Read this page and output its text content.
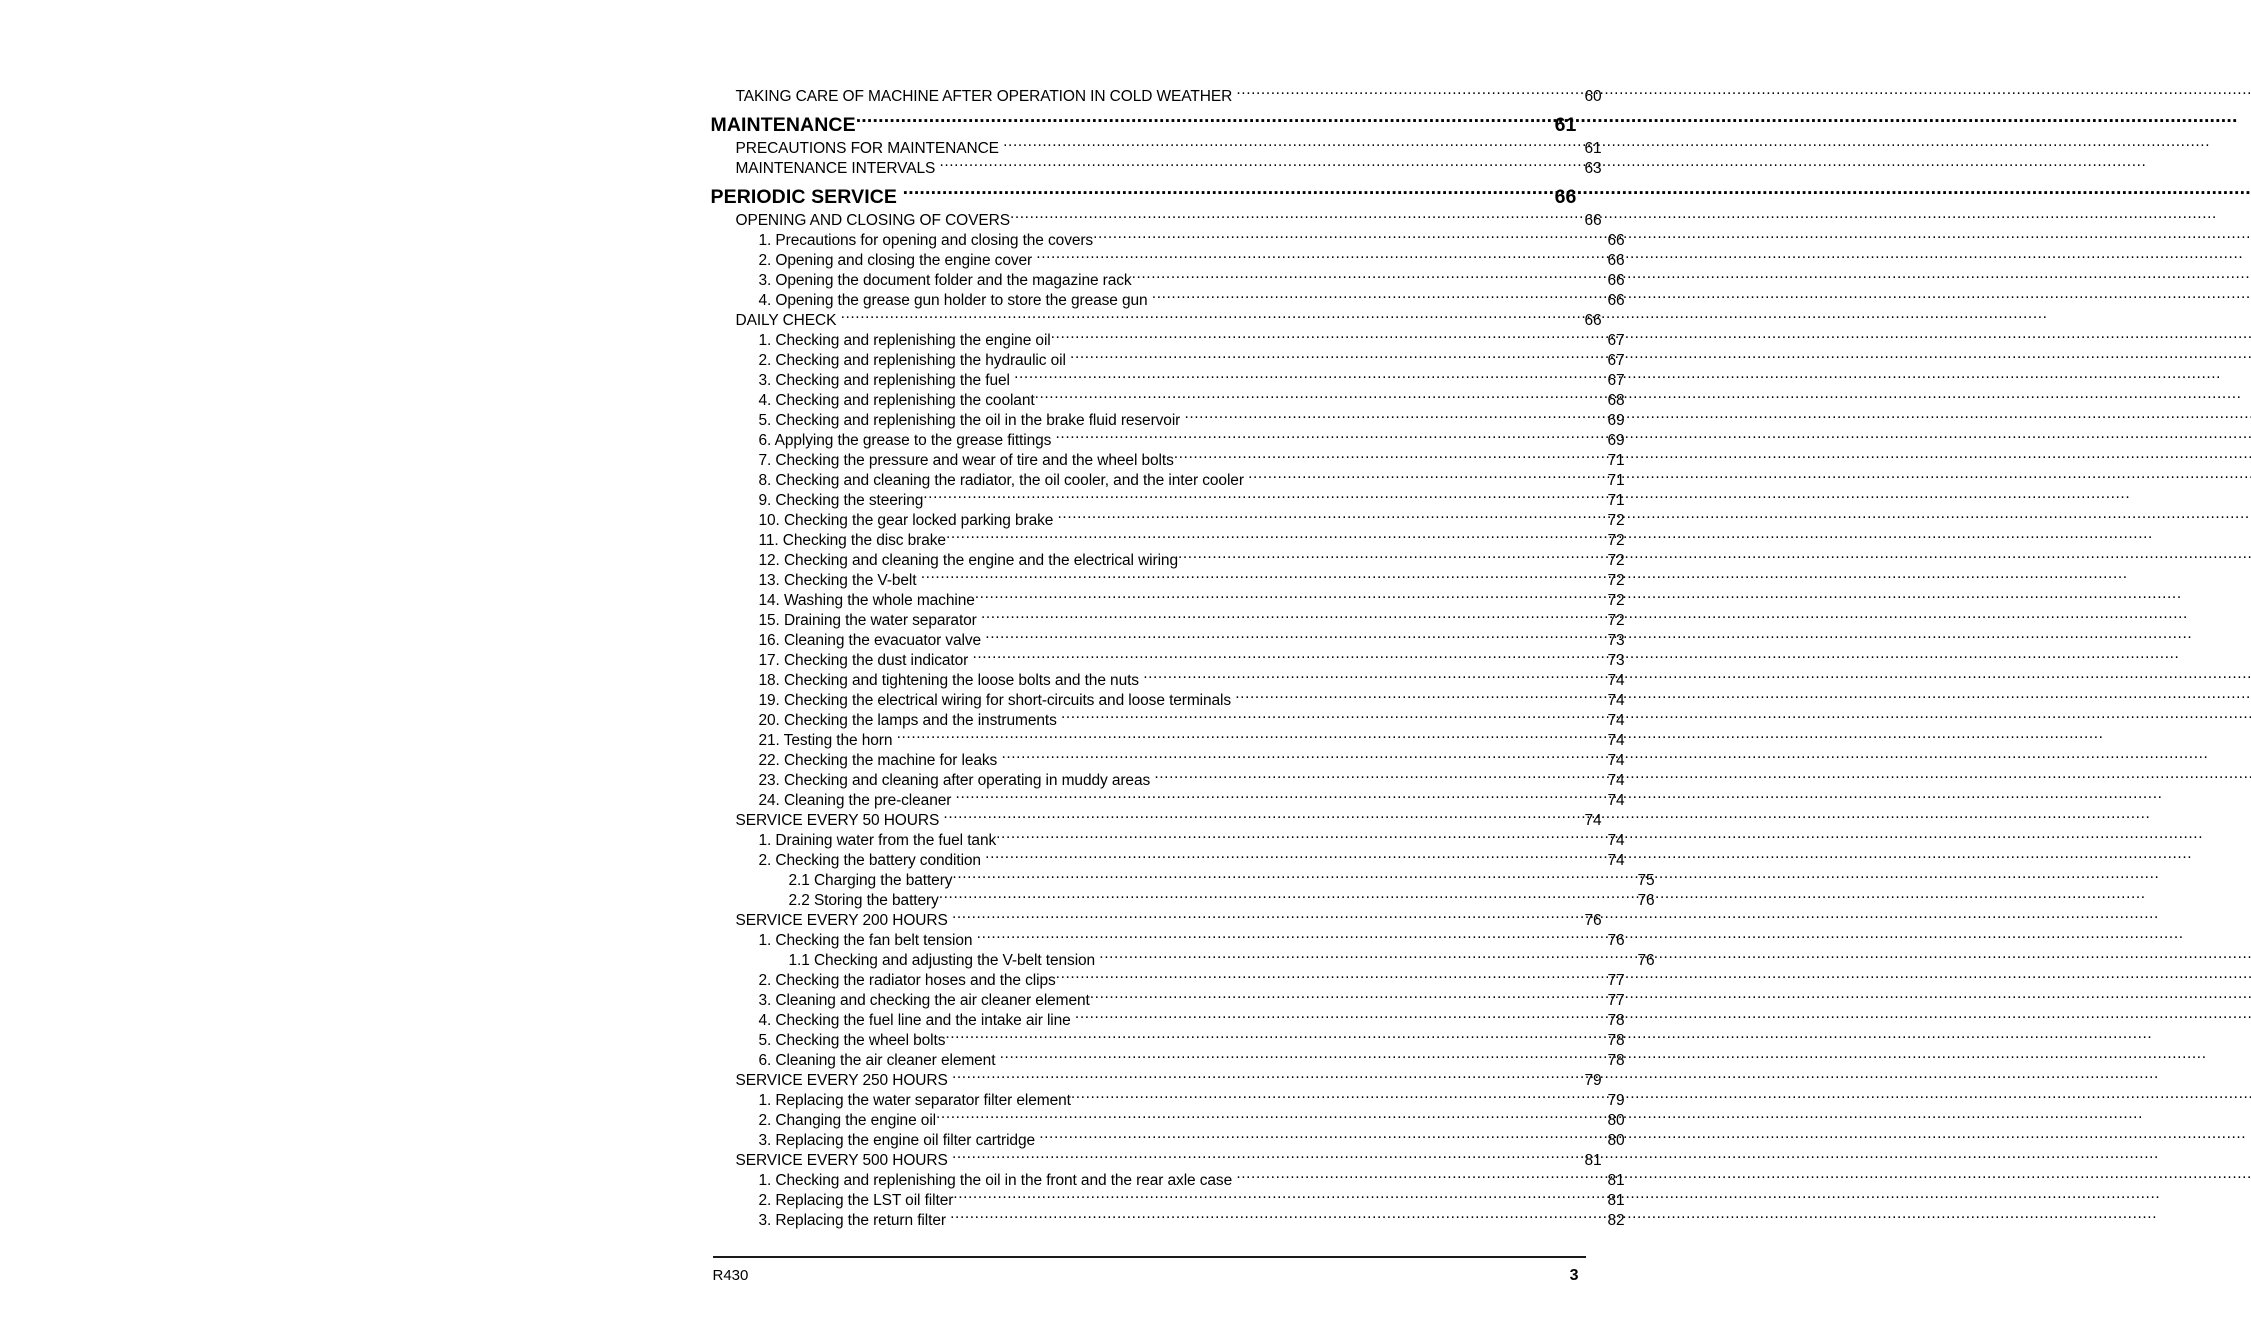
TAKING CARE OF MACHINE AFTER OPERATION IN COLD WEATHER .....	60
MAINTENANCE .....	61
PRECAUTIONS FOR MAINTENANCE .....	61
MAINTENANCE INTERVALS .....	63
PERIODIC SERVICE .....	66
OPENING AND CLOSING OF COVERS .....	66
1. Precautions for opening and closing the covers .....	66
2. Opening and closing the engine cover .....	66
3. Opening the document folder and the magazine rack .....	66
4. Opening the grease gun holder to store the grease gun .....	66
DAILY CHECK .....	66
1. Checking and replenishing the engine oil .....	67
2. Checking and replenishing the hydraulic oil .....	67
3. Checking and replenishing the fuel .....	67
4. Checking and replenishing the coolant .....	68
5. Checking and replenishing the oil in the brake fluid reservoir .....	69
6. Applying the grease to the grease fittings .....	69
7. Checking the pressure and wear of tire and the wheel bolts .....	71
8. Checking and cleaning the radiator, the oil cooler, and the inter cooler .....	71
9. Checking the steering .....	71
10. Checking the gear locked parking brake .....	72
11. Checking the disc brake .....	72
12. Checking and cleaning the engine and the electrical wiring .....	72
13. Checking the V-belt .....	72
14. Washing the whole machine .....	72
15. Draining the water separator .....	72
16. Cleaning the evacuator valve .....	73
17. Checking the dust indicator .....	73
18. Checking and tightening the loose bolts and the nuts .....	74
19. Checking the electrical wiring for short-circuits and loose terminals .....	74
20. Checking the lamps and the instruments .....	74
21. Testing the horn .....	74
22. Checking the machine for leaks .....	74
23. Checking and cleaning after operating in muddy areas .....	74
24. Cleaning the pre-cleaner .....	74
SERVICE EVERY 50 HOURS .....	74
1. Draining water from the fuel tank .....	74
2. Checking the battery condition .....	74
2.1 Charging the battery .....	75
2.2 Storing the battery .....	76
SERVICE EVERY 200 HOURS .....	76
1. Checking the fan belt tension .....	76
1.1 Checking and adjusting the V-belt tension .....	76
2. Checking the radiator hoses and the clips .....	77
3. Cleaning and checking the air cleaner element .....	77
4. Checking the fuel line and the intake air line .....	78
5. Checking the wheel bolts .....	78
6. Cleaning the air cleaner element .....	78
SERVICE EVERY 250 HOURS .....	79
1. Replacing the water separator filter element .....	79
2. Changing the engine oil .....	80
3. Replacing the engine oil filter cartridge .....	80
SERVICE EVERY 500 HOURS .....	81
1. Checking and replenishing the oil in the front and the rear axle case .....	81
2. Replacing the LST oil filter .....	81
3. Replacing the return filter .....	82
R430	3
